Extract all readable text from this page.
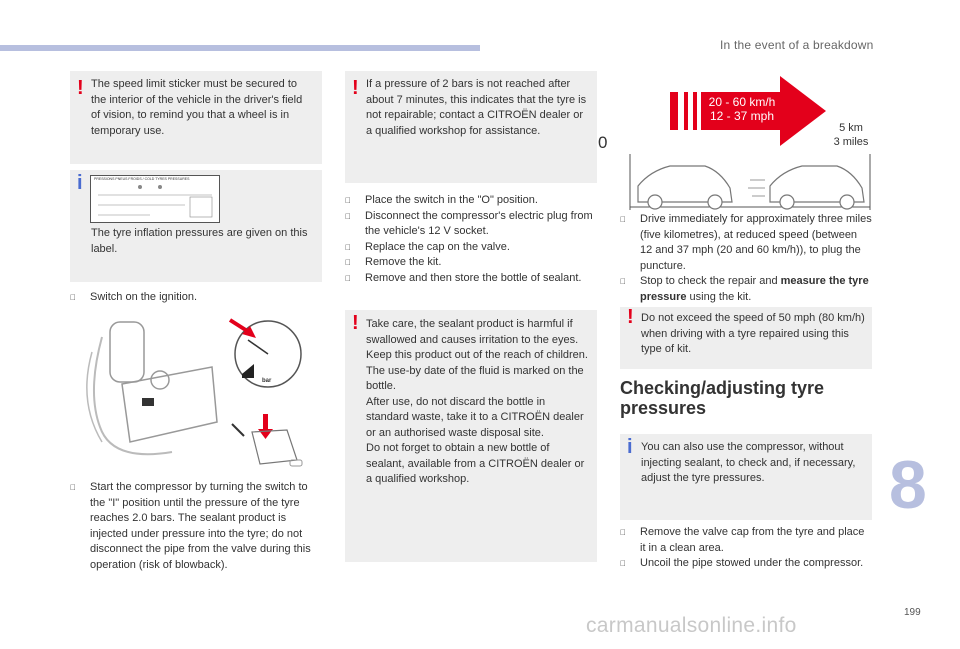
In the event of a breakdown
! The speed limit sticker must be secured to the interior of the vehicle in the driver's field of vision, to remind you that a wheel is in temporary use.

i	PRESSIONS PNEUS FROIDS / COLD TYRES PRESSURES

The tyre inflation pressures are given on this label.

Switch on the ignition.
bar
Start the compressor by turning the switch to the "I" position until the pressure of the tyre reaches 2.0 bars. The sealant product is injected under pressure into the tyre; do not disconnect the pipe from the valve during this operation (risk of blowback).
! If a pressure of 2 bars is not reached after about 7 minutes, this indicates that the tyre is not repairable; contact a CITROËN dealer or a qualified workshop for assistance.

Place the switch in the "O" position.
Disconnect the compressor's electric plug from the vehicle's 12 V socket.
Replace the cap on the valve.
Remove the kit.
Remove and then store the bottle of sealant.
! Take care, the sealant product is harmful if swallowed and causes irritation to the eyes.

Keep this product out of the reach of children.

The use-by date of the fluid is marked on the bottle.

After use, do not discard the bottle in standard waste, take it to a CITROËN dealer or an authorised waste disposal site.

Do not forget to obtain a new bottle of sealant, available from a CITROËN dealer or a qualified workshop.

20 - 60 km/h
12 - 37 mph
5 km
3 miles
0
Drive immediately for approximately three miles (five kilometres), at reduced speed (between 12 and 37 mph (20 and 60 km/h)), to plug the puncture.
Stop to check the repair and measure the tyre pressure using the kit.
! Do not exceed the speed of 50 mph (80 km/h) when driving with a tyre repaired using this type of kit.

Checking/adjusting tyre pressures
i You can also use the compressor, without injecting sealant, to check and, if necessary, adjust the tyre pressures.

Remove the valve cap from the tyre and place it in a clean area.
Uncoil the pipe stowed under the compressor.
8
199
carmanualsonline.info
